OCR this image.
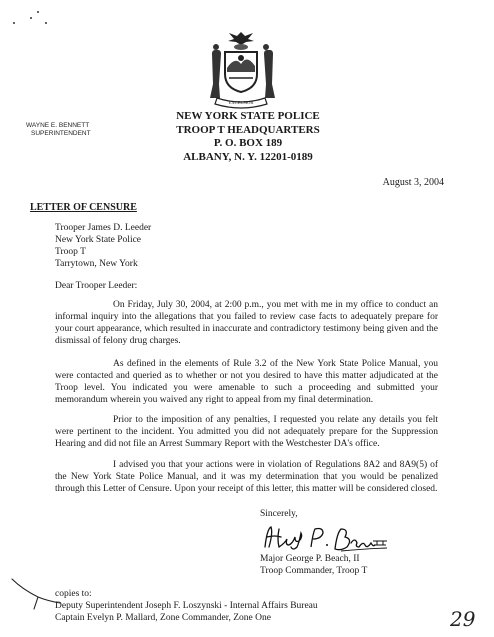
EXCELSIOR
WAYNE E. BENNETT
SUPERINTENDENT
NEW YORK STATE POLICE
TROOP T HEADQUARTERS
P. O. BOX 189
ALBANY, N. Y. 12201-0189
August 3, 2004
LETTER OF CENSURE
Trooper James D. Leeder
New York State Police
Troop T
Tarrytown, New York
Dear Trooper Leeder:

On Friday, July 30, 2004, at 2:00 p.m., you met with me in my office to conduct an informal inquiry into the allegations that you failed to review case facts to adequately prepare for your court appearance, which resulted in inaccurate and contradictory testimony being given and the dismissal of felony drug charges.

As defined in the elements of Rule 3.2 of the New York State Police Manual, you were contacted and queried as to whether or not you desired to have this matter adjudicated at the Troop level. You indicated you were amenable to such a proceeding and submitted your memorandum wherein you waived any right to appeal from my final determination.

Prior to the imposition of any penalties, I requested you relate any details you felt were pertinent to the incident. You admitted you did not adequately prepare for the Suppression Hearing and did not file an Arrest Summary Report with the Westchester DA's office.

I advised you that your actions were in violation of Regulations 8A2 and 8A9(5) of the New York State Police Manual, and it was my determination that you would be penalized through this Letter of Censure. Upon your receipt of this letter, this matter will be considered closed.

Sincerely,
Major George P. Beach, II
Troop Commander, Troop T
copies to:
Deputy Superintendent Joseph F. Loszynski - Internal Affairs Bureau
Captain Evelyn P. Mallard, Zone Commander, Zone One	29
